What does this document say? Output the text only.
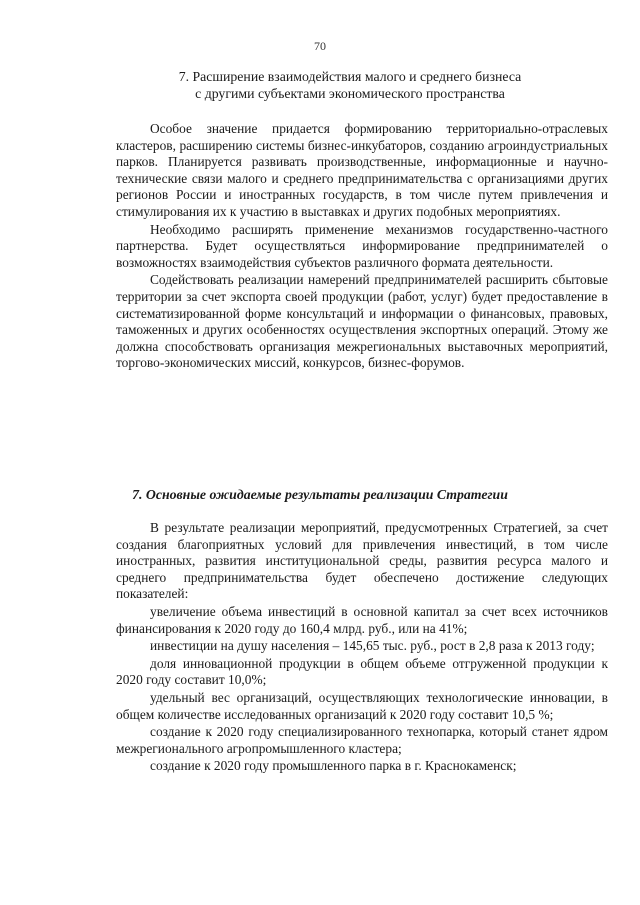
70
7. Расширение взаимодействия малого и среднего бизнеса
с другими субъектами экономического пространства

Особое значение придается формированию территориально-отраслевых кластеров, расширению системы бизнес-инкубаторов, созданию агроиндустриальных парков. Планируется развивать производственные, информационные и научно-технические связи малого и среднего предпринимательства с организациями других регионов России и иностранных государств, в том числе путем привлечения и стимулирования их к участию в выставках и других подобных мероприятиях.

Необходимо расширять применение механизмов государственно-частного партнерства. Будет осуществляться информирование предпринимателей о возможностях взаимодействия субъектов различного формата деятельности.

Содействовать реализации намерений предпринимателей расширить сбытовые территории за счет экспорта своей продукции (работ, услуг) будет предоставление в систематизированной форме консультаций и информации о финансовых, правовых, таможенных и других особенностях осуществления экспортных операций. Этому же должна способствовать организация межрегиональных выставочных мероприятий, торгово-экономических миссий, конкурсов, бизнес-форумов.

7. Основные ожидаемые результаты реализации Стратегии

В результате реализации мероприятий, предусмотренных Стратегией, за счет создания благоприятных условий для привлечения инвестиций, в том числе иностранных, развития институциональной среды, развития ресурса малого и среднего предпринимательства будет обеспечено достижение следующих показателей:

увеличение объема инвестиций в основной капитал за счет всех источников финансирования к 2020 году до 160,4 млрд. руб., или на 41%;

инвестиции на душу населения – 145,65 тыс. руб., рост в 2,8 раза к 2013 году;

доля инновационной продукции в общем объеме отгруженной продукции к 2020 году составит 10,0%;

удельный вес организаций, осуществляющих технологические инновации, в общем количестве исследованных организаций к 2020 году составит 10,5 %;

создание к 2020 году специализированного технопарка, который станет ядром межрегионального агропромышленного кластера;

создание к 2020 году промышленного парка в г. Краснокаменск;
